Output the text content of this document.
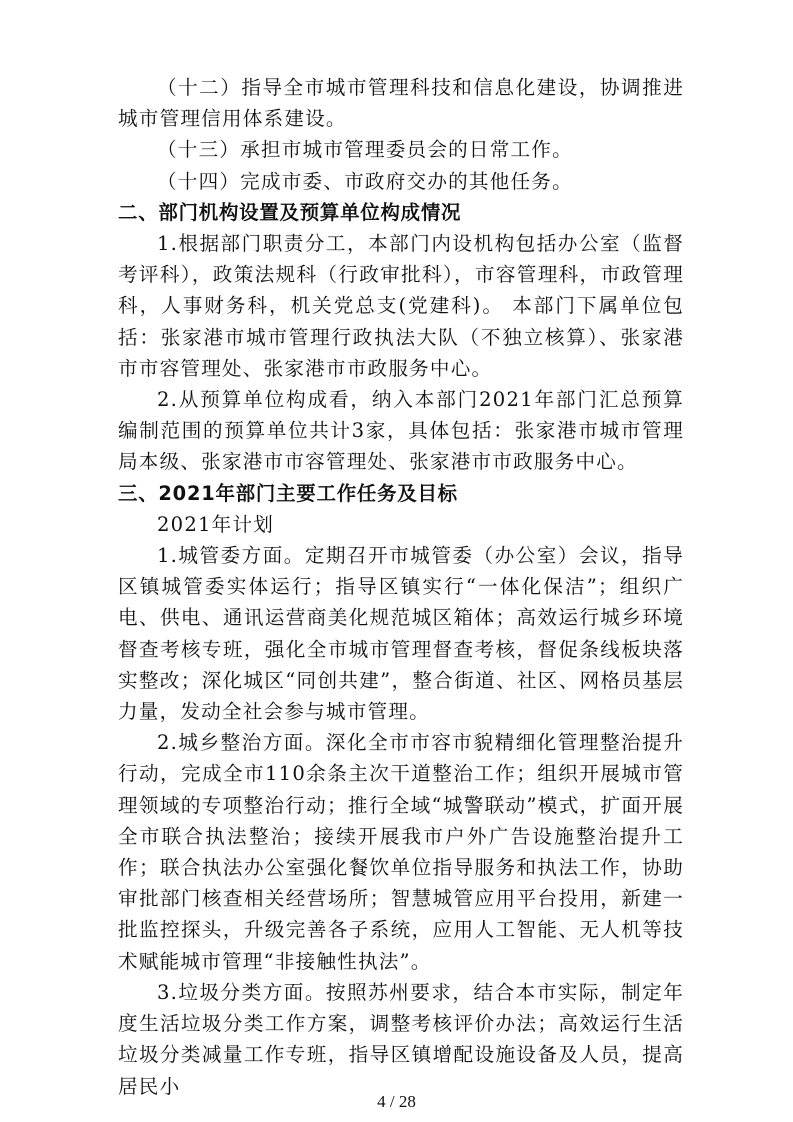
（十二）指导全市城市管理科技和信息化建设，协调推进城市管理信用体系建设。

（十三）承担市城市管理委员会的日常工作。

（十四）完成市委、市政府交办的其他任务。

二、部门机构设置及预算单位构成情况

1.根据部门职责分工，本部门内设机构包括办公室（监督考评科），政策法规科（行政审批科），市容管理科，市政管理科，人事财务科，机关党总支(党建科)。 本部门下属单位包括：张家港市城市管理行政执法大队（不独立核算）、张家港市市容管理处、张家港市市政服务中心。

2.从预算单位构成看，纳入本部门2021年部门汇总预算编制范围的预算单位共计3家，具体包括：张家港市城市管理局本级、张家港市市容管理处、张家港市市政服务中心。

三、2021年部门主要工作任务及目标

2021年计划

1.城管委方面。定期召开市城管委（办公室）会议，指导区镇城管委实体运行；指导区镇实行“一体化保洁”；组织广电、供电、通讯运营商美化规范城区箱体；高效运行城乡环境督查考核专班，强化全市城市管理督查考核，督促条线板块落实整改；深化城区“同创共建”，整合街道、社区、网格员基层力量，发动全社会参与城市管理。

2.城乡整治方面。深化全市市容市貌精细化管理整治提升行动，完成全市110余条主次干道整治工作；组织开展城市管理领域的专项整治行动；推行全域“城警联动”模式，扩面开展全市联合执法整治；接续开展我市户外广告设施整治提升工作；联合执法办公室强化餐饮单位指导服务和执法工作，协助审批部门核查相关经营场所；智慧城管应用平台投用，新建一批监控探头，升级完善各子系统，应用人工智能、无人机等技术赋能城市管理“非接触性执法”。

3.垃圾分类方面。按照苏州要求，结合本市实际，制定年度生活垃圾分类工作方案，调整考核评价办法；高效运行生活垃圾分类减量工作专班，指导区镇增配设施设备及人员，提高居民小

4 / 28
